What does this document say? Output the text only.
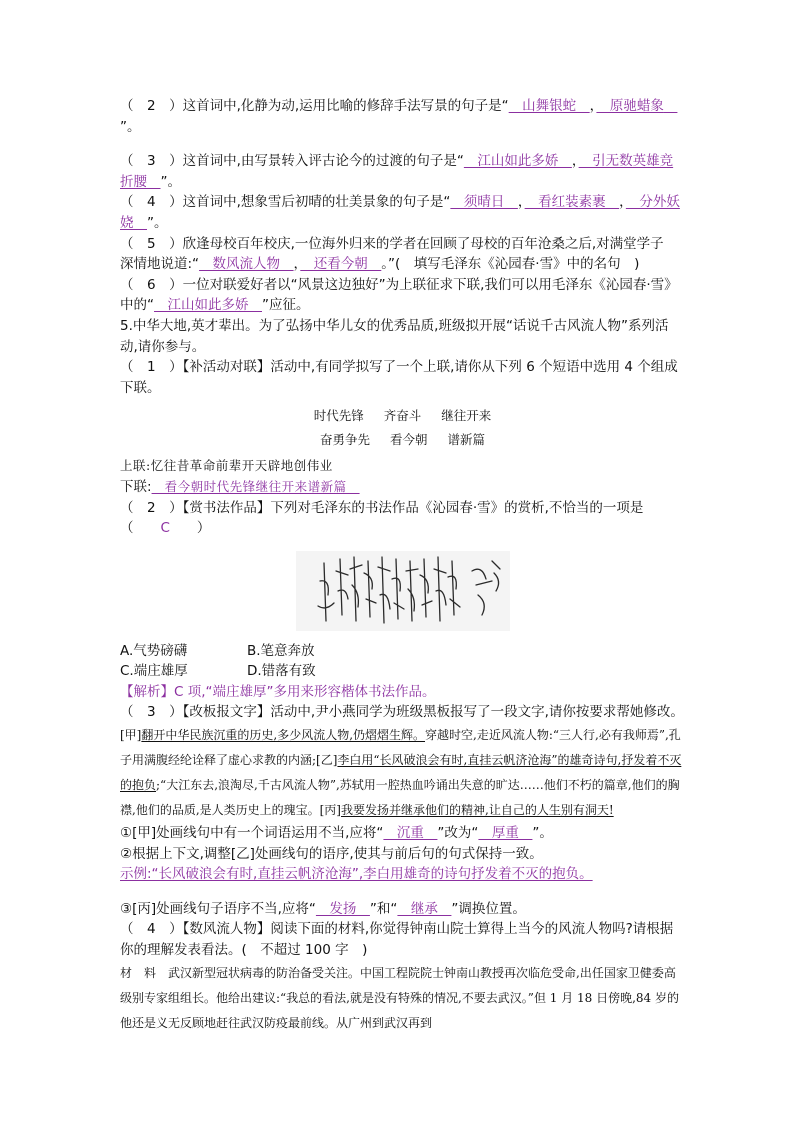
（　2　）这首词中,化静为动,运用比喻的修辞手法写景的句子是“　山舞银蛇　，　原驰蜡象　”。

（　3　）这首词中,由写景转入评古论今的过渡的句子是“　江山如此多娇　，　引无数英雄竞折腰　”。

（　4　）这首词中,想象雪后初晴的壮美景象的句子是“　须晴日　，　看红装素裹　，　分外妖娆　”。

（　5　）欣逢母校百年校庆,一位海外归来的学者在回顾了母校的百年沧桑之后,对满堂学子
深情地说道:“　数风流人物　，　还看今朝　。”(　填写毛泽东《沁园春·雪》中的名句　)

（　6　）一位对联爱好者以“风景这边独好”为上联征求下联,我们可以用毛泽东《沁园春·雪》中的“　江山如此多娇　”应征。

5.中华大地,英才辈出。为了弘扬中华儿女的优秀品质,班级拟开展“话说千古风流人物”系列活动,请你参与。

（　1　）【补活动对联】活动中,有同学拟写了一个上联,请你从下列 6 个短语中选用 4 个组成下联。

时代先锋 齐奋斗 继往开来
奋勇争先 看今朝 谱新篇

上联:忆往昔革命前辈开天辟地创伟业

下联:　看今朝时代先锋继往开来谱新篇　

（　2　）【赏书法作品】下列对毛泽东的书法作品《沁园春·雪》的赏析,不恰当的一项是

（　　C　　）

A.气势磅礴	B.笔意奔放
C.端庄雄厚	D.错落有致

【解析】C 项,“端庄雄厚”多用来形容楷体书法作品。

（　3　）【改板报文字】活动中,尹小燕同学为班级黑板报写了一段文字,请你按要求帮她修改。

[甲]翻开中华民族沉重的历史,多少风流人物,仍熠熠生辉。穿越时空,走近风流人物:“三人行,必有我师焉”,孔子用满腹经纶诠释了虚心求教的内涵;[乙]李白用“长风破浪会有时,直挂云帆济沧海”的雄奇诗句,抒发着不灭的抱负;“大江东去,浪淘尽,千古风流人物”,苏轼用一腔热血吟诵出失意的旷达……他们不朽的篇章,他们的胸襟,他们的品质,是人类历史上的瑰宝。[丙]我要发扬并继承他们的精神,让自己的人生别有洞天!

①[甲]处画线句中有一个词语运用不当,应将“　沉重　”改为“　厚重　”。

②根据上下文,调整[乙]处画线句的语序,使其与前后句的句式保持一致。

示例:“长风破浪会有时,直挂云帆济沧海”,李白用雄奇的诗句抒发着不灭的抱负。

③[丙]处画线句子语序不当,应将“　发扬　”和“　继承　”调换位置。

（　4　）【数风流人物】阅读下面的材料,你觉得钟南山院士算得上当今的风流人物吗?请根据你的理解发表看法。(　不超过 100 字　)

材　料　 武汉新型冠状病毒的防治备受关注。中国工程院院士钟南山教授再次临危受命,出任国家卫健委高级别专家组组长。他给出建议:“我总的看法,就是没有特殊的情况,不要去武汉。”但 1 月 18 日傍晚,84 岁的他还是义无反顾地赶往武汉防疫最前线。从广州到武汉再到
